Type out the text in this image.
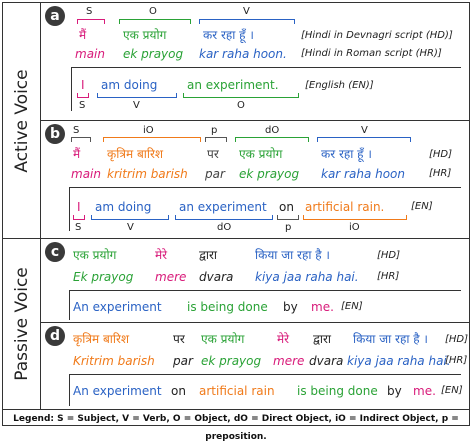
Active Voice
Passive Voice
a	S	O	V
मैं	एक प्रयोग	कर रहा हूँ ।	[Hindi in Devnagri script (HD)]
main ek prayog kar raha hoon. [Hindi in Roman script (HR)]
I am doing an experiment.	[English (EN)]
S	V	O
b	S	iO	p	dO	V
मैं कृत्रिम बारिश	पर एक प्रयोग	कर रहा हूँ ।	[HD]
main kritrim barish par ek prayog kar raha hoon [HR]
I am doing an experiment on artificial rain.	[EN]
S	V	dO	p	iO
c	एक प्रयोग	मेरे	द्वारा	किया जा रहा है ।	[HD]
Ek prayog mere dvara kiya jaa raha hai. [HR]
An experiment is being done by me. [EN]
d	कृत्रिम बारिश	पर एक प्रयोग	मेरे द्वारा किया जा रहा है । [HD]
Kritrim barish par ek prayog mere dvara kiya jaa raha hai.
[HR]
An experiment on artificial rain is being done by me. [EN]
Legend: S = Subject, V = Verb, O = Object, dO = Direct Object, iO = Indirect Object, p = preposition.
